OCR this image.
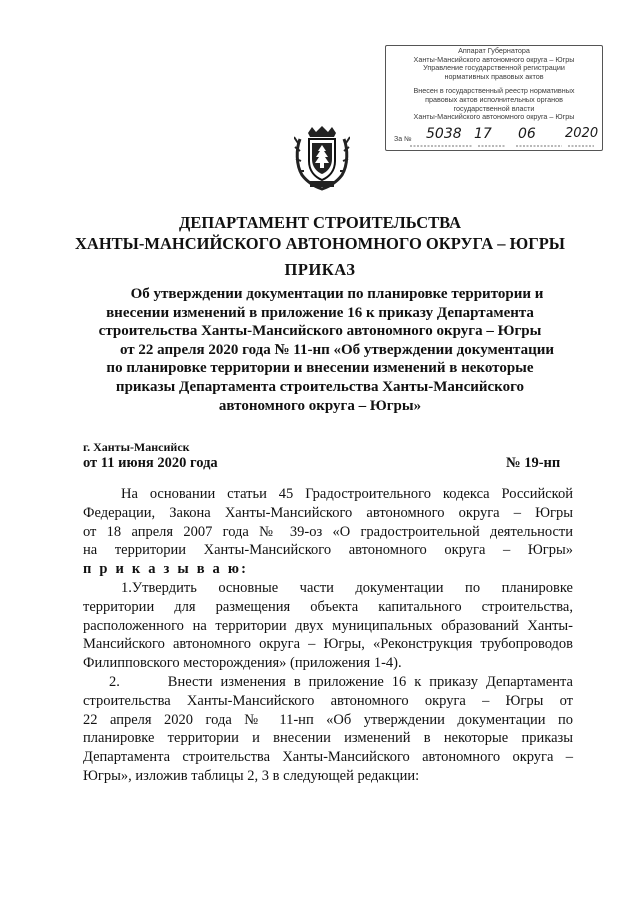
Аппарат Губернатора
Ханты-Мансийского автономного округа – Югры
Управление государственной регистрации
нормативных правовых актов
Внесен в государственный реестр нормативных
правовых актов исполнительных органов
государственной власти
Ханты-Мансийского автономного округа – Югры
За № 5038 17 06 2020
ДЕПАРТАМЕНТ СТРОИТЕЛЬСТВА
ХАНТЫ-МАНСИЙСКОГО АВТОНОМНОГО ОКРУГА – ЮГРЫ
ПРИКАЗ
Об утверждении документации по планировке территории и
внесении изменений в приложение 16 к приказу Департамента
строительства Ханты-Мансийского автономного округа – Югры
от 22 апреля 2020 года № 11-нп «Об утверждении документации
по планировке территории и внесении изменений в некоторые
приказы Департамента строительства Ханты-Мансийского
автономного округа – Югры»
г. Ханты-Мансийск
от 11 июня 2020 года	№ 19-нп
На основании статьи 45 Градостроительного кодекса Российской
Федерации, Закона Ханты-Мансийского автономного округа – Югры
от 18 апреля 2007 года № 39-оз «О градостроительной деятельности
на территории Ханты-Мансийского автономного округа – Югры»
п р и к а з ы в а ю:
1.Утвердить основные части документации по планировке
территории для размещения объекта капитального строительства,
расположенного на территории двух муниципальных образований Ханты-
Мансийского автономного округа – Югры, «Реконструкция трубопроводов
Филипповского месторождения» (приложения 1-4).
2.      Внести изменения в приложение 16 к приказу Департамента
строительства Ханты-Мансийского автономного округа – Югры от
22 апреля 2020 года № 11-нп «Об утверждении документации по
планировке территории и внесении изменений в некоторые приказы
Департамента строительства Ханты-Мансийского автономного округа –
Югры», изложив таблицы 2, 3 в следующей редакции:
